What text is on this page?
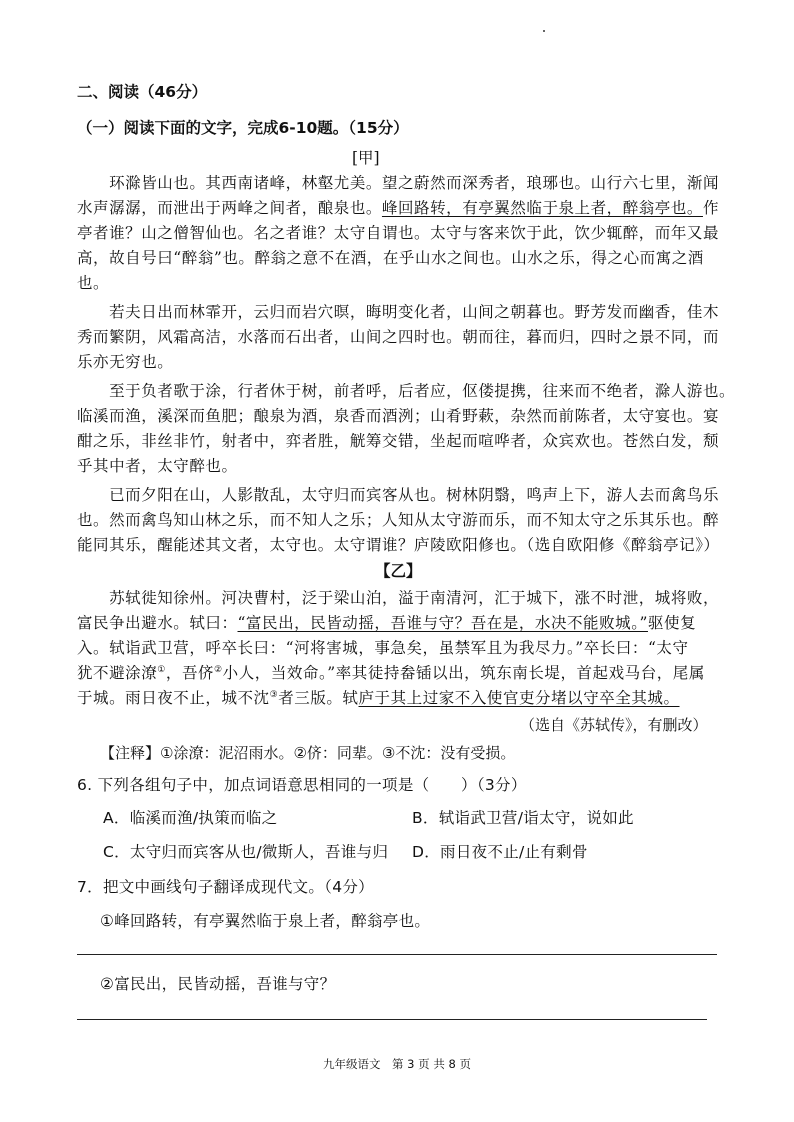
二、阅读（46分）
（一）阅读下面的文字，完成6-10题。（15分）
[甲]
　　环滁皆山也。其西南诸峰，林壑尤美。望之蔚然而深秀者，琅琊也。山行六七里，渐闻
水声潺潺，而泄出于两峰之间者，酿泉也。峰回路转，有亭翼然临于泉上者，醉翁亭也。作
亭者谁？山之僧智仙也。名之者谁？太守自谓也。太守与客来饮于此，饮少辄醉，而年又最
高，故自号曰“醉翁”也。醉翁之意不在酒，在乎山水之间也。山水之乐，得之心而寓之酒
也。
　　若夫日出而林霏开，云归而岩穴暝，晦明变化者，山间之朝暮也。野芳发而幽香，佳木
秀而繁阴，风霜高洁，水落而石出者，山间之四时也。朝而往，暮而归，四时之景不同，而
乐亦无穷也。
　　至于负者歌于涂，行者休于树，前者呼，后者应，伛偻提携，往来而不绝者，滁人游也。
临溪而渔，溪深而鱼肥；酿泉为酒，泉香而酒洌；山肴野蔌，杂然而前陈者，太守宴也。宴
酣之乐，非丝非竹，射者中，弈者胜，觥筹交错，坐起而喧哗者，众宾欢也。苍然白发，颓
乎其中者，太守醉也。
　　已而夕阳在山，人影散乱，太守归而宾客从也。树林阴翳，鸣声上下，游人去而禽鸟乐
也。然而禽鸟知山林之乐，而不知人之乐；人知从太守游而乐，而不知太守之乐其乐也。醉
能同其乐，醒能述其文者，太守也。太守谓谁？庐陵欧阳修也。（选自欧阳修《醉翁亭记》）
【乙】
　　苏轼徙知徐州。河决曹村，泛于梁山泊，溢于南清河，汇于城下，涨不时泄，城将败，
富民争出避水。轼曰：“富民出，民皆动摇，吾谁与守？吾在是，水决不能败城。”驱使复
入。轼诣武卫营，呼卒长曰：“河将害城，事急矣，虽禁军且为我尽力。”卒长曰：“太守
犹不避涂潦①，吾侪②小人，当效命。”率其徒持畚锸以出，筑东南长堤，首起戏马台，尾属
于城。雨日夜不止，城不沈③者三版。轼庐于其上过家不入使官吏分堵以守卒全其城。
（选自《苏轼传》，有删改）
【注释】①涂潦：泥沼雨水。②侪：同辈。③不沈：没有受损。
6. 下列各组句子中，加点词语意思相同的一项是（　　）（3分）
A．临溪而渔/执策而临之	B．轼诣武卫营/诣太守，说如此
C．太守归而宾客从也/微斯人，吾谁与归 D．雨日夜不止/止有剩骨
7．把文中画线句子翻译成现代文。（4分）
①峰回路转，有亭翼然临于泉上者，醉翁亭也。
②富民出，民皆动摇，吾谁与守？
九年级语文　第 3 页 共 8 页
